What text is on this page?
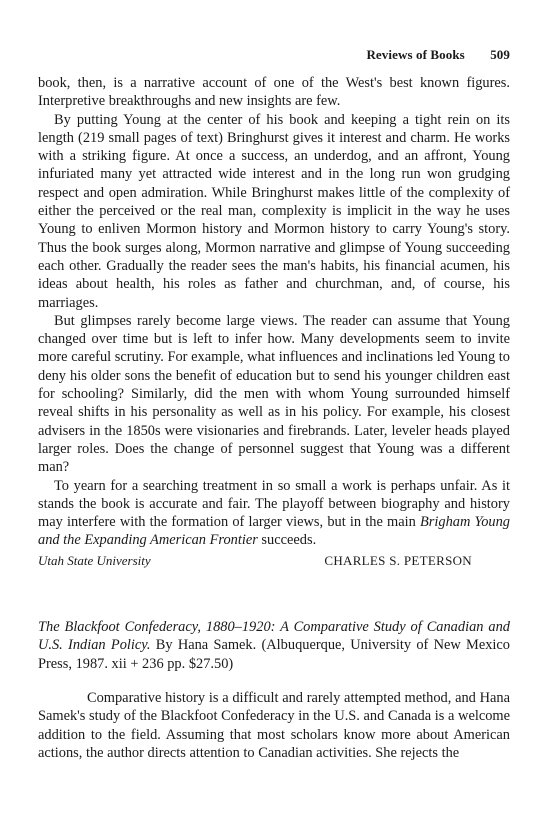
Reviews of Books 509

book, then, is a narrative account of one of the West's best known figures. Interpretive breakthroughs and new insights are few.

By putting Young at the center of his book and keeping a tight rein on its length (219 small pages of text) Bringhurst gives it interest and charm. He works with a striking figure. At once a success, an underdog, and an affront, Young infuriated many yet attracted wide interest and in the long run won grudging respect and open admiration. While Bringhurst makes little of the complexity of either the perceived or the real man, complexity is implicit in the way he uses Young to enliven Mormon history and Mormon history to carry Young's story. Thus the book surges along, Mormon narrative and glimpse of Young succeeding each other. Gradually the reader sees the man's habits, his financial acumen, his ideas about health, his roles as father and churchman, and, of course, his marriages.

But glimpses rarely become large views. The reader can assume that Young changed over time but is left to infer how. Many developments seem to invite more careful scrutiny. For example, what influences and inclinations led Young to deny his older sons the benefit of education but to send his younger children east for schooling? Similarly, did the men with whom Young surrounded himself reveal shifts in his personality as well as in his policy. For example, his closest advisers in the 1850s were visionaries and firebrands. Later, leveler heads played larger roles. Does the change of personnel suggest that Young was a different man?

To yearn for a searching treatment in so small a work is perhaps unfair. As it stands the book is accurate and fair. The playoff between biography and history may interfere with the formation of larger views, but in the main Brigham Young and the Expanding American Frontier succeeds.

Utah State University	CHARLES S. PETERSON
The Blackfoot Confederacy, 1880–1920: A Comparative Study of Canadian and U.S. Indian Policy. By Hana Samek. (Albuquerque, University of New Mexico Press, 1987. xii + 236 pp. $27.50)

Comparative history is a difficult and rarely attempted method, and Hana Samek's study of the Blackfoot Confederacy in the U.S. and Canada is a welcome addition to the field. Assuming that most scholars know more about American actions, the author directs attention to Canadian activities. She rejects the
